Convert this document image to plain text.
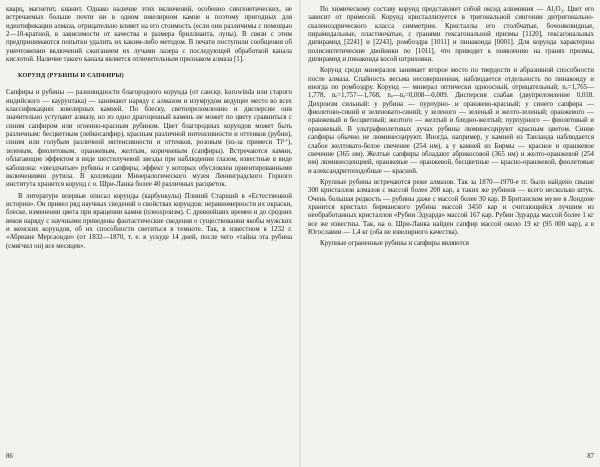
кварц, магнетит, кианит. Однако наличие этих включений, особенно сингенетических, не встречаемых больше почти ни в одном ювелирном камне и поэтому пригодных для идентификации алмаза, отрицательно влияет на его стоимость (если они различимы с помощью 2—10-кратной, в зависимости от качества и размера бриллианта, лупы). В связи с этим предпринимаются попытки удалить их каким-либо методом. В печати поступили сообщения об уничтожении включений сжиганием их лучами лазера с последующей обработкой канала кислотой. Наличие такого канала является отличительным признаком алмаза [1].

КОРУНД (РУБИНЫ И САПФИРЫ)

Сапфиры и рубины — разновидности благородного корунда (от санскр. kuruwinda или старого индийского — каурунтака) — занимают наряду с алмазом и изумрудом ведущее место во всех классификациях ювелирных камней. По блеску, светопреломлению и дисперсии они значительно уступают алмазу, но из одно драгоценный камень не может по цвету сравниться с синим сапфиром или огненно-красным рубином. Цвет благородных корундов может быть различным: бесцветным (лейкосапфир), красным различной интенсивности и оттенков (рубин), синим или голубым различной интенсивности и оттенков, розовым (из-за примеси Ti³⁺), зеленым, фиолетовым, оранжевым, желтым, коричневым (сапфиры). Встречаются камни, облагающие эффектом в виде шестилучевой звезды при наблюдении глазом, известные в виде кабошона: «звездчатые» рубины и сапфиры, эффект у которых обусловлен ориентированными включениями рутила. В коллекции Минералогического музея Ленинградского Горного института хранится корунд с о. Шри-Ланка более 40 различных расцветок.

В литературе впервые описал корунды (карбункулы) Плиний Старший в «Естественной истории». Он привел ряд научных сведений о свойствах корундов: неравномерности их окраски, блеске, изменении цвета при вращении камня (плеохроизм). С древнейших времен и до средних веков наряду с научными приведены фантастические сведения о существовании якобы мужских и женских корундов, об их способности светиться в темноте. Так, в известном в 1232 г. «Абриане Мерсаонди» (от 1832—1870, т. е. в ускуде 14 дней, после чего «тайна эта рубина (смягчил он) все месяцев».

86

По химическому составу корунд представляет собой оксид алюминия — Al₂O₃. Цвет его зависит от примесей. Корунд кристаллизуется в тригональной сингонии дитригонально-скаленоэдрического класса симметрии. Кристаллы его столбчатые, бочонковидные, пирамидальные, пластинчатые, с гранями гексагональной призмы [1120], гексагональных дипирамид [2241] и [2243], ромбоэдра [1011] и пинакоида [0001]. Для корунда характерны полисинтетические двойники по [1011], что приводит к появлению на гранях призмы, дипирамид и пинакоида косой штриховки.

Корунд среди минералов занимает второе место по твердости и абразивной способности после алмаза. Спайность весьма несовершенная, наблюдается отдельность по пинакоиду и иногда по ромбоэдру. Корунд — минерал оптически одноосный, отрицательный; nₒ=1,765—1,778, nₑ=1,757—1,768, nₒ—nₑ=0,008—0,009. Дисперсия слабая (двупреломление 0,018. Дихроизм сильный: у рубина — пурпурно- и оранжево-красный; у синего сапфира — фиолетово-синий и зеленовато-синий; у зеленого — зеленый и желто-зеленый; оранжевого — оранжевый и бесцветный; желтого — желтый и бледно-желтый; пурпурного — фиолетовый и оранжевый. В ультрафиолетовых лучах рубины люминесцируют красным цветом. Синие сапфиры обычно не люминесцируют. Иногда, например, у камней из Таиланда наблюдается слабое желтовато-белое свечение (254 нм), а у камней из Бирмы — красное и оранжевое свечение (365 нм). Желтые сапфиры обладают абрикосовой (365 нм) и желто-оранжевой (254 нм) люминесценцией, оранжевые — оранжевой, бесцветные — красно-оранжевой, фиолетовые и александритоподобные — красной.

Крупные рубины встречаются реже алмазов. Так за 1870—1970-е гг. было найдено свыше 300 кристаллов алмазов с массой более 200 кар, а таких же рубинов — всего несколько штук. Очень большая редкость — рубины даже с массой более 30 кар. В Британском музее в Лондоне хранится кристалл бирманского рубина массой 3450 кар и считающийся лучшим из необработанных кристаллов «Рубин Эдуарда» массой 167 кар. Рубин Эдуарда массой более 1 кг все же известны. Так, на о. Шри-Ланка найден сапфир массой около 19 кг (95 000 кар), а в Югославии — 1,4 кг (оба не ювелирного качества).

Крупные ограненные рубины и сапфиры являются

87
